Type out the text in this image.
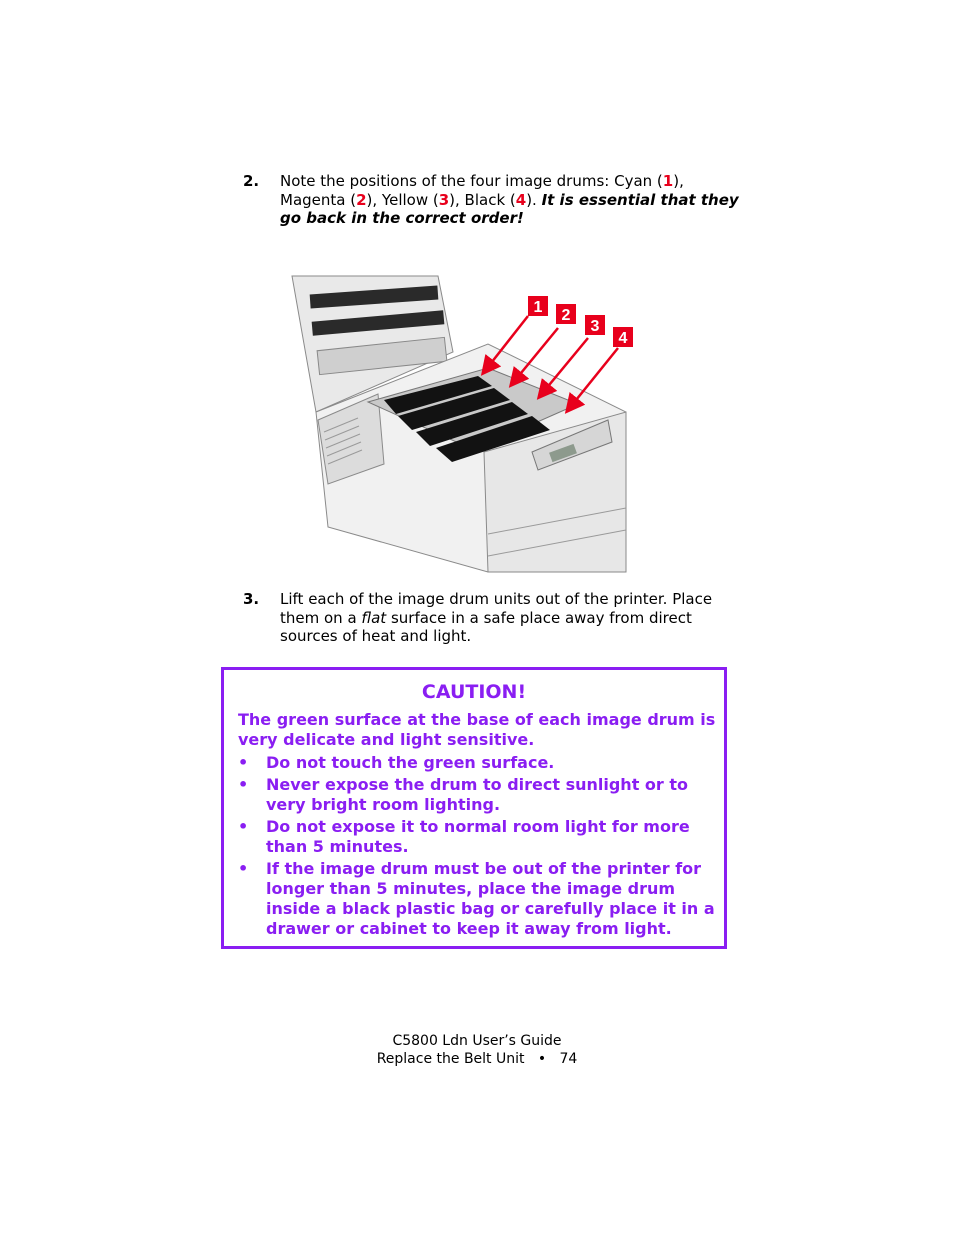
2. Note the positions of the four image drums: Cyan (1), Magenta (2), Yellow (3), Black (4). It is essential that they go back in the correct order!
1 2
3
4
3. Lift each of the image drum units out of the printer. Place them on a flat surface in a safe place away from direct sources of heat and light.
CAUTION!
The green surface at the base of each image drum is very delicate and light sensitive.
• Do not touch the green surface.
• Never expose the drum to direct sunlight or to very bright room lighting.
• Do not expose it to normal room light for more than 5 minutes.
• If the image drum must be out of the printer for longer than 5 minutes, place the image drum inside a black plastic bag or carefully place it in a drawer or cabinet to keep it away from light.
C5800 Ldn User’s Guide
Replace the Belt Unit • 74
